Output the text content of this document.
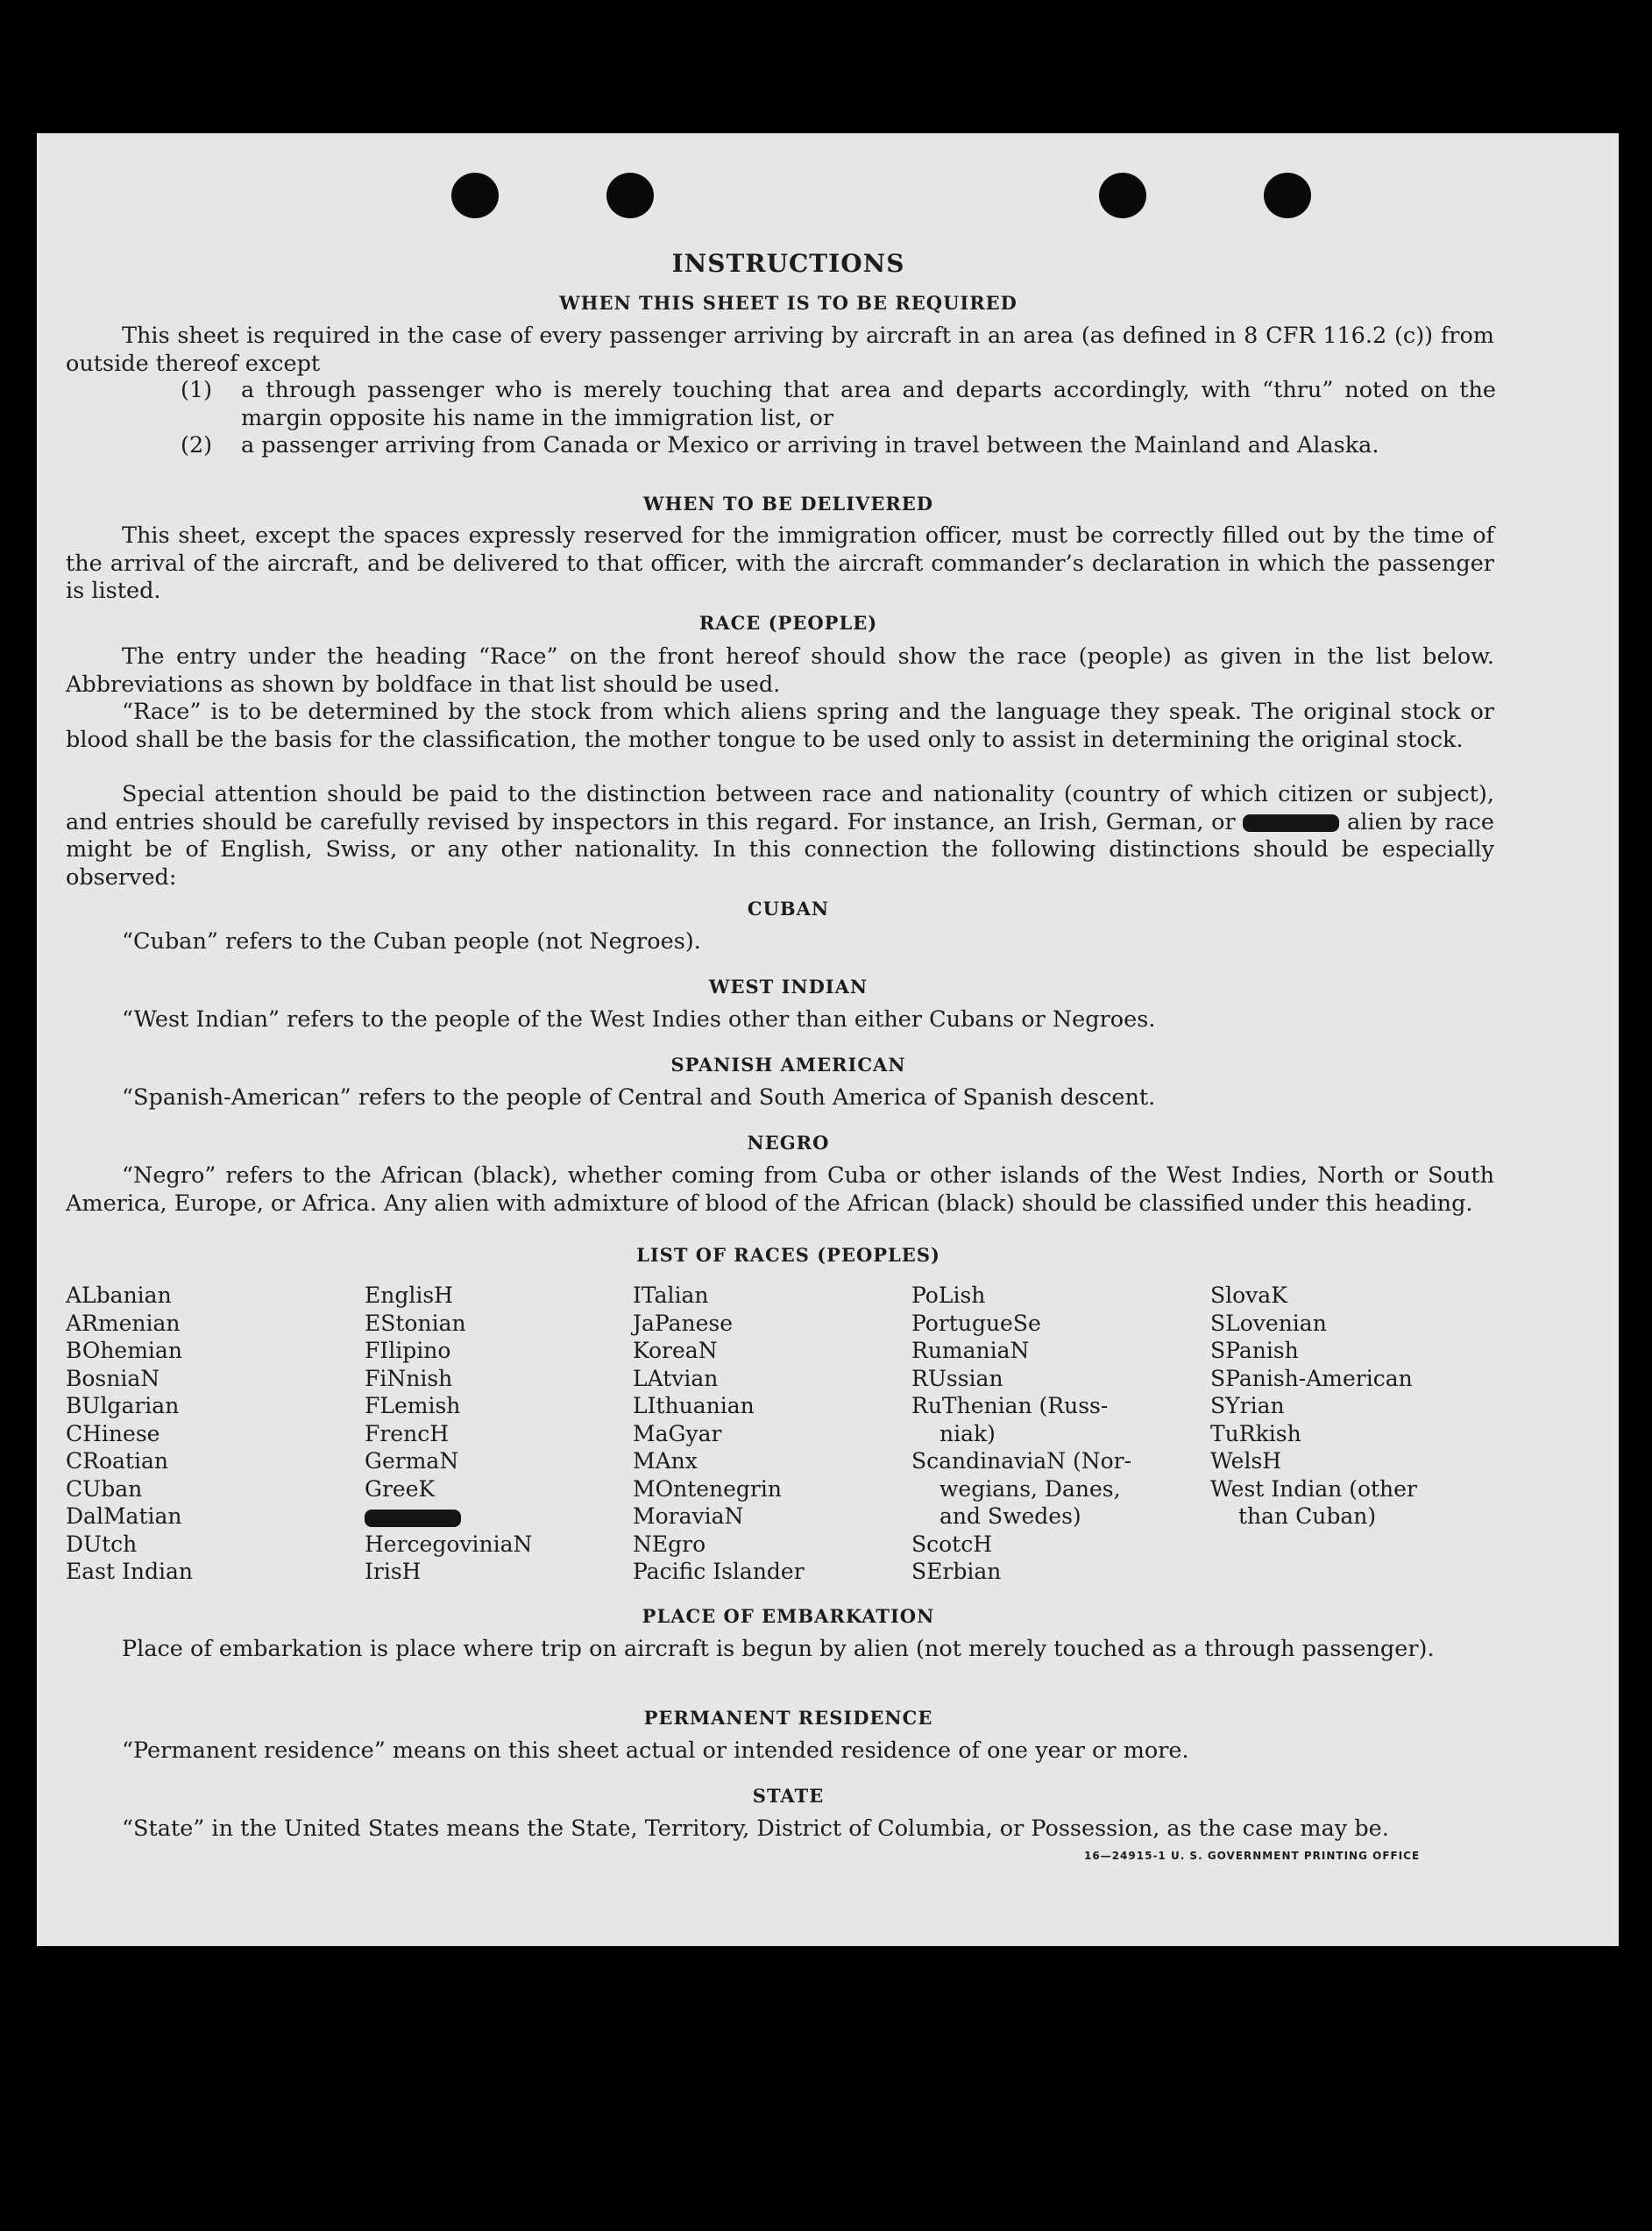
INSTRUCTIONS
WHEN THIS SHEET IS TO BE REQUIRED
This sheet is required in the case of every passenger arriving by aircraft in an area (as defined in 8 CFR 116.2 (c)) from outside thereof except
(1) a through passenger who is merely touching that area and departs accordingly, with “thru” noted on the margin opposite his name in the immigration list, or
(2) a passenger arriving from Canada or Mexico or arriving in travel between the Mainland and Alaska.
WHEN TO BE DELIVERED
This sheet, except the spaces expressly reserved for the immigration officer, must be correctly filled out by the time of the arrival of the aircraft, and be delivered to that officer, with the aircraft commander’s declaration in which the passenger is listed.
RACE (PEOPLE)
The entry under the heading “Race” on the front hereof should show the race (people) as given in the list below. Abbreviations as shown by boldface in that list should be used.
“Race” is to be determined by the stock from which aliens spring and the language they speak. The original stock or blood shall be the basis for the classification, the mother tongue to be used only to assist in determining the original stock.
Special attention should be paid to the distinction between race and nationality (country of which citizen or subject), and entries should be carefully revised by inspectors in this regard. For instance, an Irish, German, or	alien by race might be of English, Swiss, or any other nationality. In this connection the following distinctions should be especially observed:
CUBAN
“Cuban” refers to the Cuban people (not Negroes).
WEST INDIAN
“West Indian” refers to the people of the West Indies other than either Cubans or Negroes.
SPANISH AMERICAN
“Spanish-American” refers to the people of Central and South America of Spanish descent.
NEGRO
“Negro” refers to the African (black), whether coming from Cuba or other islands of the West Indies, North or South America, Europe, or Africa. Any alien with admixture of blood of the African (black) should be classified under this heading.
LIST OF RACES (PEOPLES)
ALbanian
ARmenian
BOhemian
BosniaN
BUlgarian
CHinese
CRoatian
CUban
DalMatian
DUtch
East Indian
EnglisH
EStonian
FIlipino
FiNnish
FLemish
FrencH
GermaN
GreeK
HercegoviniaN
IrisH
ITalian
JaPanese
KoreaN
LAtvian
LIthuanian
MaGyar
MAnx
MOntenegrin
MoraviaN
NEgro
Pacific Islander
PoLish
PortugueSe
RumaniaN
RUssian
RuThenian (Russ-
niak)
ScandinaviaN (Nor-
wegians, Danes,
and Swedes)
ScotcH
SErbian
SlovaK
SLovenian
SPanish
SPanish-American
SYrian
TuRkish
WelsH
West Indian (other
than Cuban)
PLACE OF EMBARKATION
Place of embarkation is place where trip on aircraft is begun by alien (not merely touched as a through passenger).
PERMANENT RESIDENCE
“Permanent residence” means on this sheet actual or intended residence of one year or more.
STATE
“State” in the United States means the State, Territory, District of Columbia, or Possession, as the case may be.
16—24915-1 U. S. GOVERNMENT PRINTING OFFICE
